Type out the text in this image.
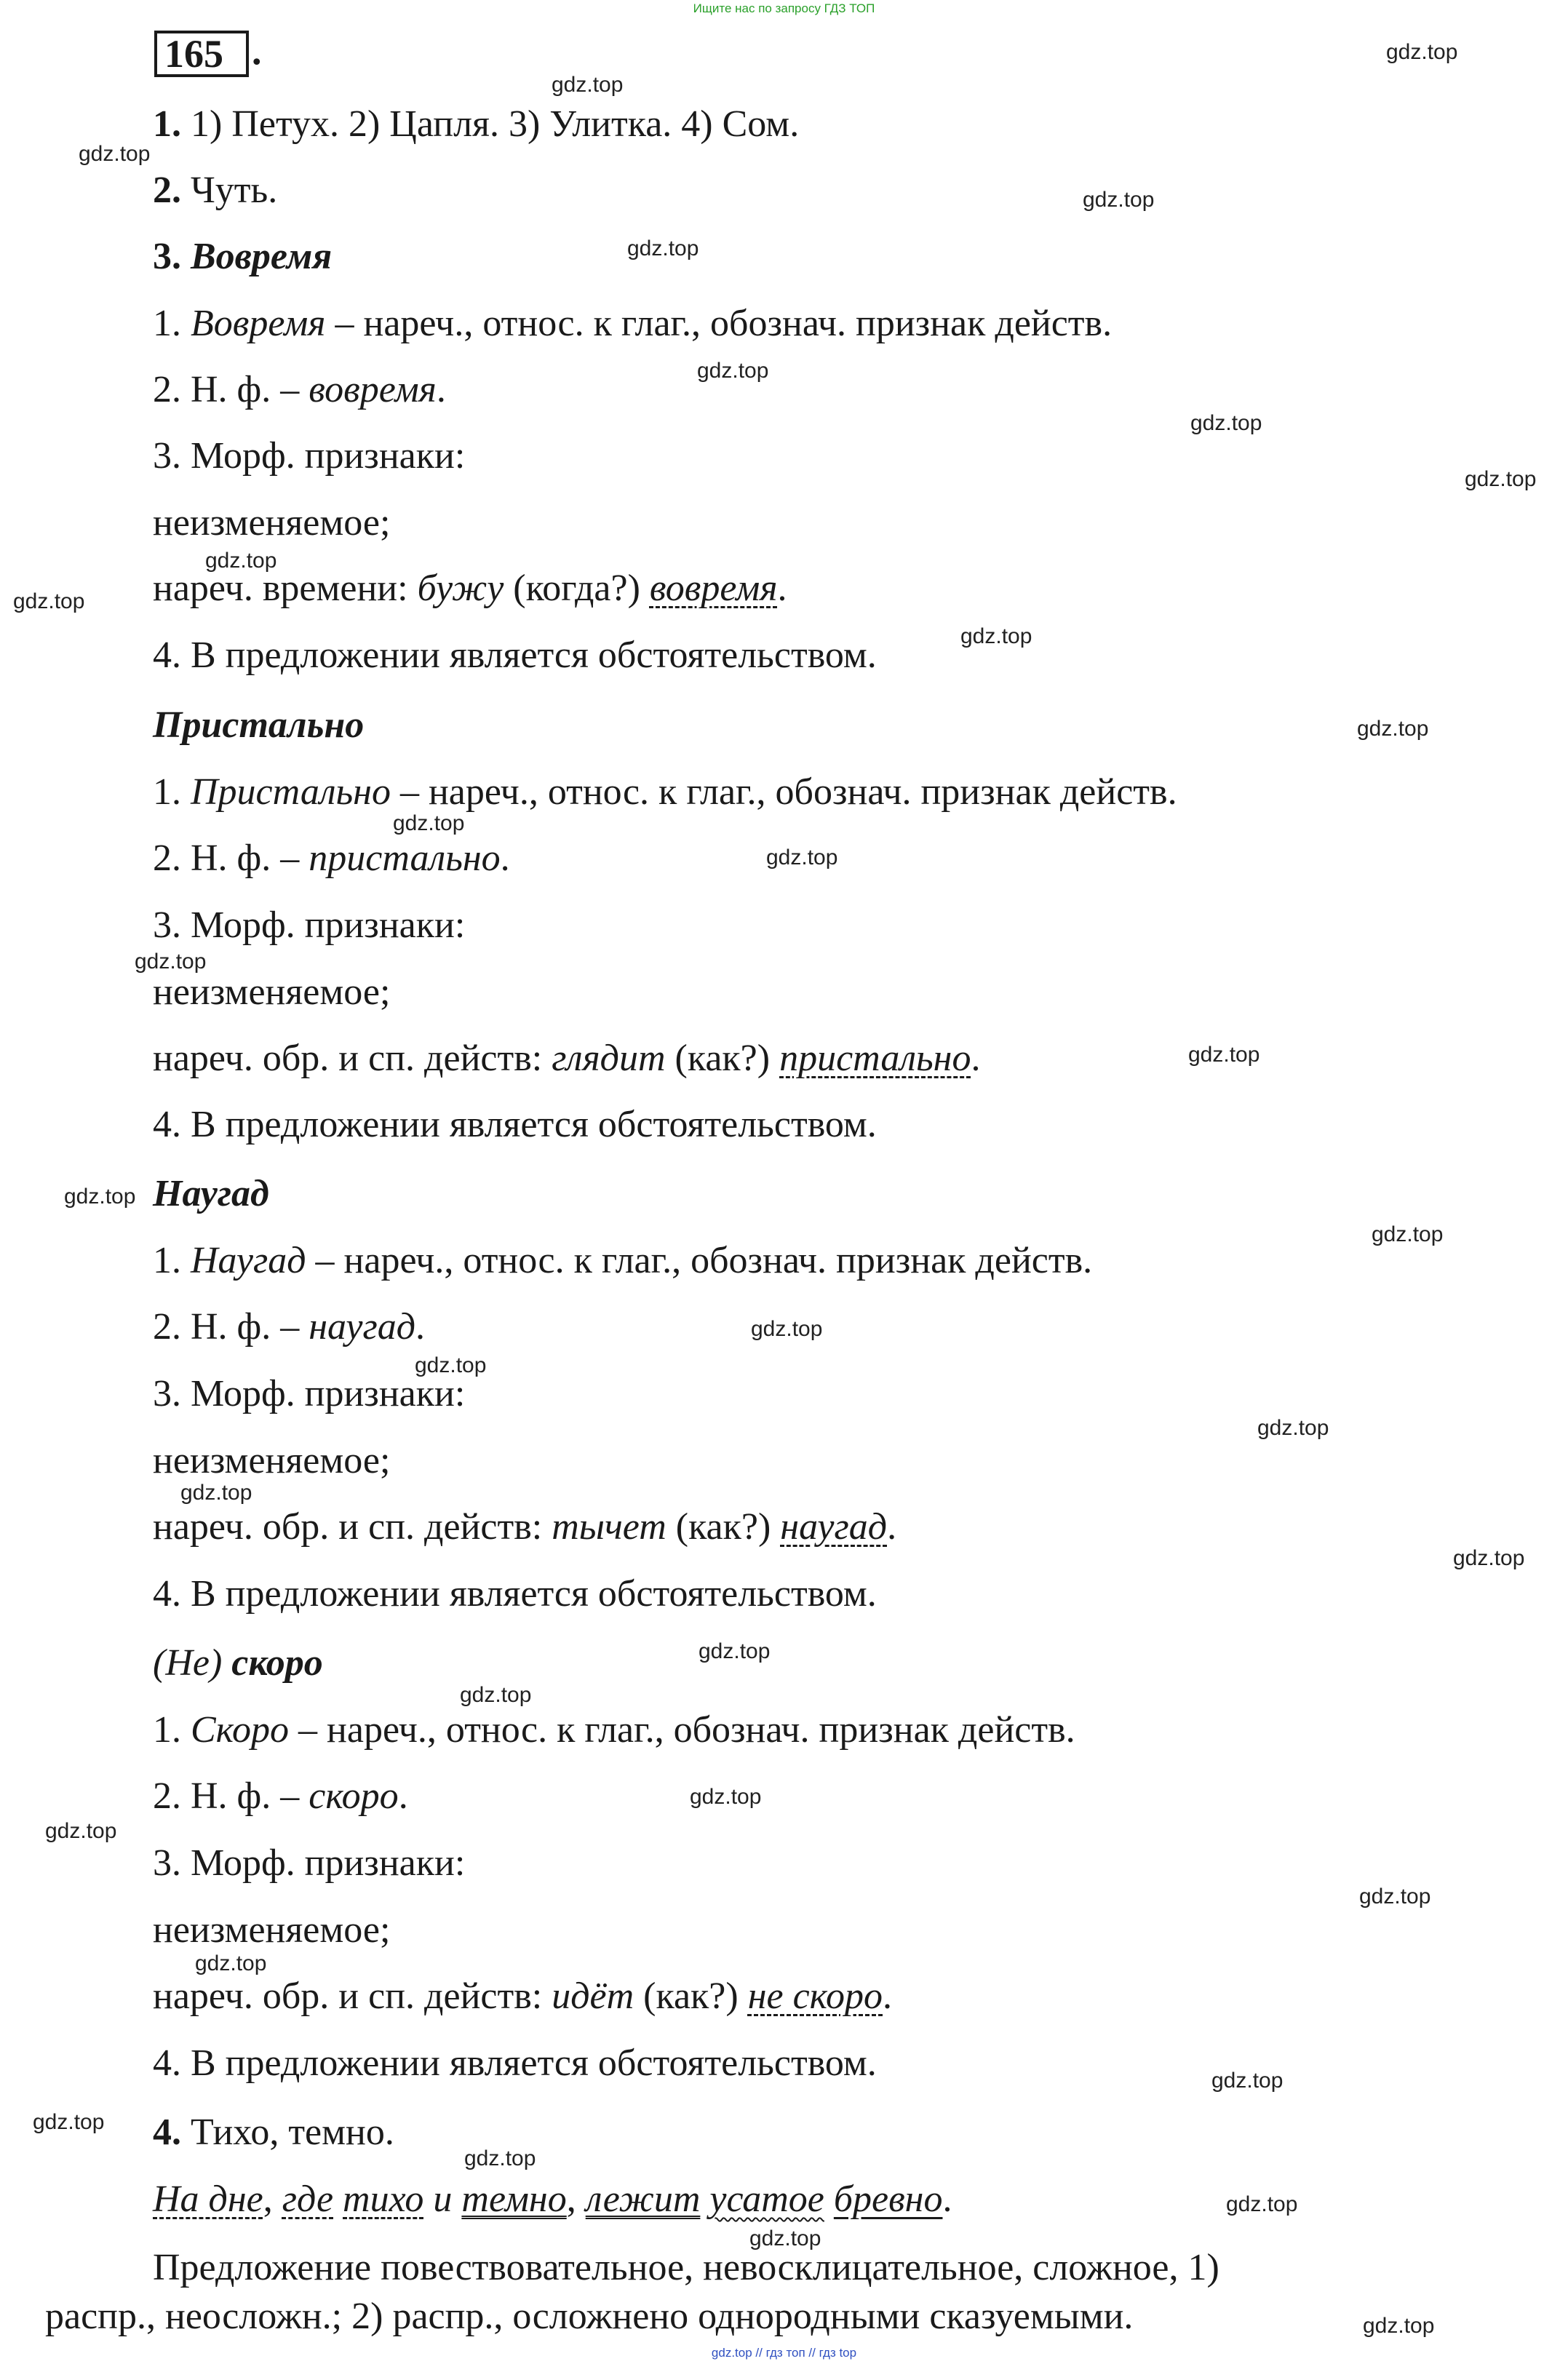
Ищите нас по запросу ГДЗ ТОП
165 .
1. 1) Петух. 2) Цапля. 3) Улитка. 4) Сом.
2. Чуть.
3. Вовремя
1. Вовремя – нареч., относ. к глаг., обознач. признак действ.
2. Н. ф. – вовремя.
3. Морф. признаки:
неизменяемое;
нареч. времени: бужу (когда?) вовремя.
4. В предложении является обстоятельством.
Пристально
1. Пристально – нареч., относ. к глаг., обознач. признак действ.
2. Н. ф. – пристально.
3. Морф. признаки:
неизменяемое;
нареч. обр. и сп. действ: глядит (как?) пристально.
4. В предложении является обстоятельством.
Наугад
1. Наугад – нареч., относ. к глаг., обознач. признак действ.
2. Н. ф. – наугад.
3. Морф. признаки:
неизменяемое;
нареч. обр. и сп. действ: тычет (как?) наугад.
4. В предложении является обстоятельством.
(Не) скоро
1. Скоро – нареч., относ. к глаг., обознач. признак действ.
2. Н. ф. – скоро.
3. Морф. признаки:
неизменяемое;
нареч. обр. и сп. действ: идёт (как?) не скоро.
4. В предложении является обстоятельством.
4. Тихо, темно.
На дне, где тихо и темно, лежит усатое бревно.
Предложение повествовательное, невосклицательное, сложное, 1)
распр., неосложн.; 2) распр., осложнено однородными сказуемыми.
gdz.top
gdz.top
gdz.top
gdz.top
gdz.top
gdz.top
gdz.top
gdz.top
gdz.top
gdz.top
gdz.top
gdz.top
gdz.top
gdz.top
gdz.top
gdz.top
gdz.top
gdz.top
gdz.top
gdz.top
gdz.top
gdz.top
gdz.top
gdz.top
gdz.top
gdz.top
gdz.top
gdz.top
gdz.top
gdz.top
gdz.top
gdz.top
gdz.top
gdz.top
gdz.top
gdz.top // гдз топ // гдз top
